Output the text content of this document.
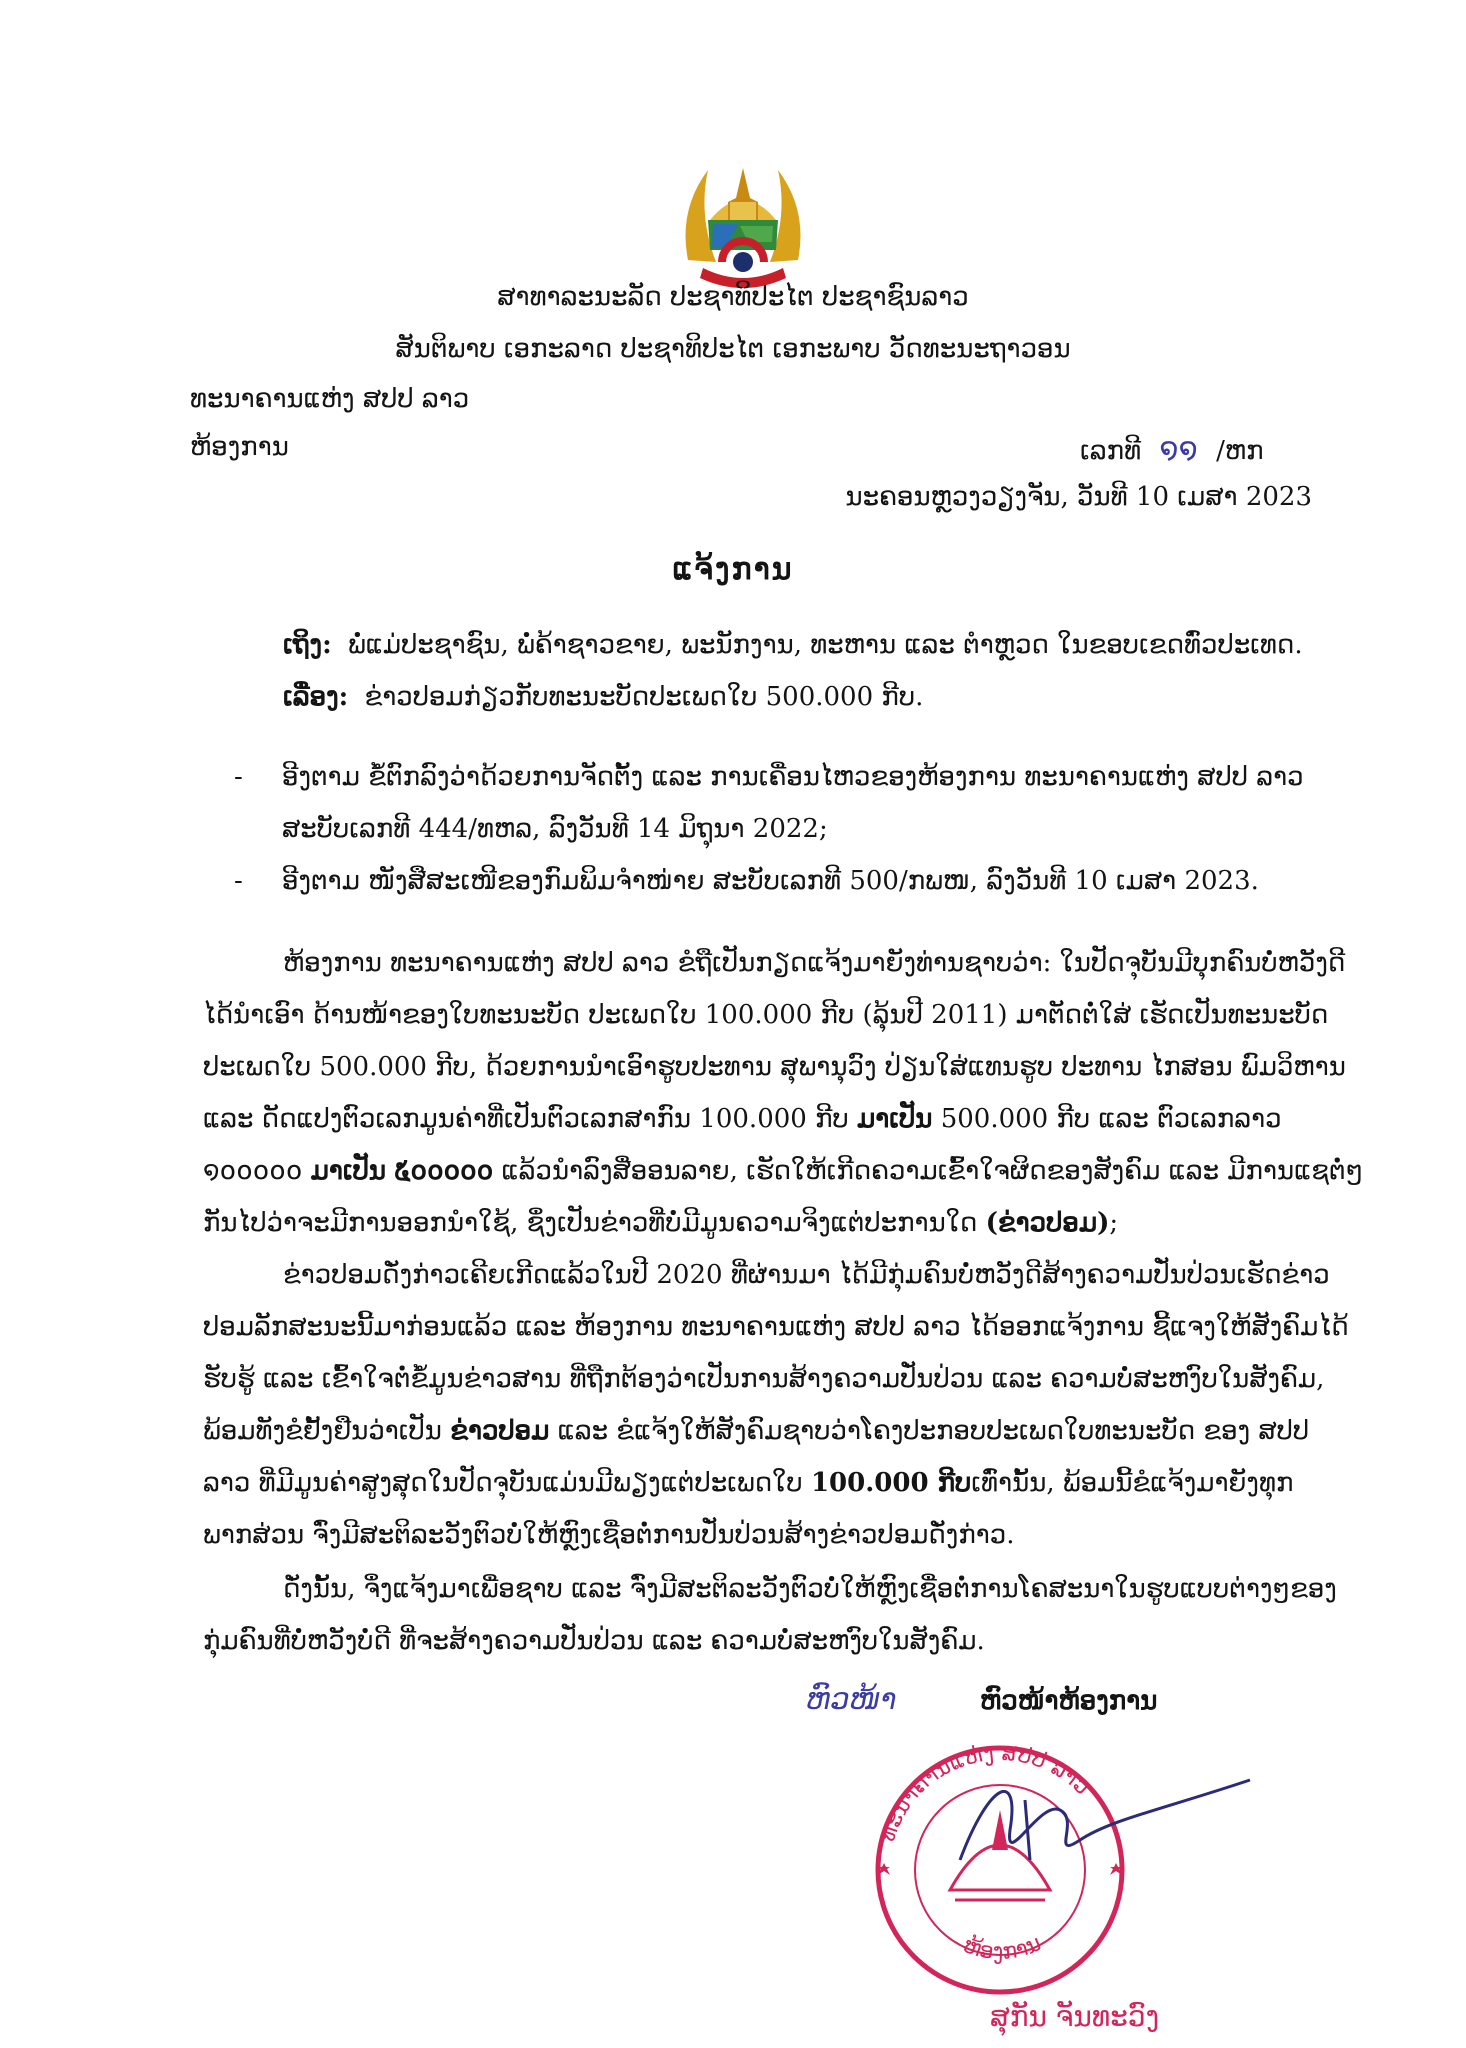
ສາທາລະນະລັດ ປະຊາທິປະໄຕ ປະຊາຊົນລາວ
ສັນຕິພາບ ເອກະລາດ ປະຊາທິປະໄຕ ເອກະພາບ ວັດທະນະຖາວອນ
ທະນາຄານແຫ່ງ ສປປ ລາວ
ຫ້ອງການ	ເລກທີ ໑໑ /ຫກ
ນະຄອນຫຼວງວຽງຈັນ, ວັນທີ 10 ເມສາ 2023
ແຈ້ງການ
ເຖິງ: ພໍ່ແມ່ປະຊາຊົນ, ພໍ່ຄ້າຊາວຂາຍ, ພະນັກງານ, ທະຫານ ແລະ ຕຳຫຼວດ ໃນຂອບເຂດທົ່ວປະເທດ.
ເລື່ອງ: ຂ່າວປອມກ່ຽວກັບທະນະບັດປະເພດໃບ 500.000 ກີບ.
- ອີງຕາມ ຂໍ້ຕົກລົງວ່າດ້ວຍການຈັດຕັ້ງ ແລະ ການເຄື່ອນໄຫວຂອງຫ້ອງການ ທະນາຄານແຫ່ງ ສປປ ລາວ
ສະບັບເລກທີ 444/ທຫລ, ລົງວັນທີ 14 ມິຖຸນາ 2022;
- ອີງຕາມ ໜັງສືສະເໜີຂອງກົມພິມຈຳໜ່າຍ ສະບັບເລກທີ 500/ກພໜ, ລົງວັນທີ 10 ເມສາ 2023.
ຫ້ອງການ ທະນາຄານແຫ່ງ ສປປ ລາວ ຂໍຖືເປັນກຽດແຈ້ງມາຍັງທ່ານຊາບວ່າ: ໃນປັດຈຸບັນມີບຸກຄົນບໍ່ຫວັງດີ
ໄດ້ນຳເອົາ ດ້ານໜ້າຂອງໃບທະນະບັດ ປະເພດໃບ 100.000 ກີບ (ລຸ້ນປີ 2011) ມາຕັດຕໍ່ໃສ່ ເຮັດເປັນທະນະບັດ
ປະເພດໃບ 500.000 ກີບ, ດ້ວຍການນຳເອົາຮູບປະທານ ສຸພານຸວົງ ປ່ຽນໃສ່ແທນຮູບ ປະທານ ໄກສອນ ພົມວິຫານ
ແລະ ດັດແປງຕົວເລກມູນຄ່າທີ່ເປັນຕົວເລກສາກົນ 100.000 ກີບ ມາເປັນ 500.000 ກີບ ແລະ ຕົວເລກລາວ
໑໐໐໐໐໐ ມາເປັນ ໕໐໐໐໐໐ ແລ້ວນຳລົງສື່ອອນລາຍ, ເຮັດໃຫ້ເກີດຄວາມເຂົ້າໃຈຜິດຂອງສັງຄົມ ແລະ ມີການແຊຕໍ່ໆ
ກັນໄປວ່າຈະມີການອອກນຳໃຊ້, ຊຶ່ງເປັນຂ່າວທີ່ບໍ່ມີມູນຄວາມຈິງແຕ່ປະການໃດ (ຂ່າວປອມ);
ຂ່າວປອມດັ່ງກ່າວເຄີຍເກີດແລ້ວໃນປີ 2020 ທີ່ຜ່ານມາ ໄດ້ມີກຸ່ມຄົນບໍ່ຫວັງດີສ້າງຄວາມປັ່ນປ່ວນເຮັດຂ່າວ
ປອມລັກສະນະນີ້ມາກ່ອນແລ້ວ ແລະ ຫ້ອງການ ທະນາຄານແຫ່ງ ສປປ ລາວ ໄດ້ອອກແຈ້ງການ ຊີ້ແຈງໃຫ້ສັງຄົມໄດ້
ຮັບຮູ້ ແລະ ເຂົ້າໃຈຕໍ່ຂໍ້ມູນຂ່າວສານ ທີ່ຖືກຕ້ອງວ່າເປັນການສ້າງຄວາມປັ່ນປ່ວນ ແລະ ຄວາມບໍ່ສະຫງົບໃນສັງຄົມ,
ພ້ອມທັງຂໍຢັ້ງຢືນວ່າເປັນ ຂ່າວປອມ ແລະ ຂໍແຈ້ງໃຫ້ສັງຄົມຊາບວ່າໂຄງປະກອບປະເພດໃບທະນະບັດ ຂອງ ສປປ
ລາວ ທີ່ມີມູນຄ່າສູງສຸດໃນປັດຈຸບັນແມ່ນມີພຽງແຕ່ປະເພດໃບ 100.000 ກີບເທົ່ານັ້ນ, ພ້ອມນີ້ຂໍແຈ້ງມາຍັງທຸກ
ພາກສ່ວນ ຈົ່ງມີສະຕິລະວັງຕົວບໍ່ໃຫ້ຫຼົງເຊື່ອຕໍ່ການປັ່ນປ່ວນສ້າງຂ່າວປອມດັ່ງກ່າວ.
ດັ່ງນັ້ນ, ຈຶ່ງແຈ້ງມາເພື່ອຊາບ ແລະ ຈົ່ງມີສະຕິລະວັງຕົວບໍ່ໃຫ້ຫຼົງເຊື່ອຕໍ່ການໂຄສະນາໃນຮູບແບບຕ່າງໆຂອງ
ກຸ່ມຄົນທີ່ບໍ່ຫວັງບໍ່ດີ ທີ່ຈະສ້າງຄວາມປັ່ນປ່ວນ ແລະ ຄວາມບໍ່ສະຫງົບໃນສັງຄົມ.
ຫົວໜ້າ	ຫົວໜ້າຫ້ອງການ
ທະນາຄານແຫ່ງ ສປປ ລາວ
ຫ້ອງການ
ສຸກັນ ຈັນທະວົງ
